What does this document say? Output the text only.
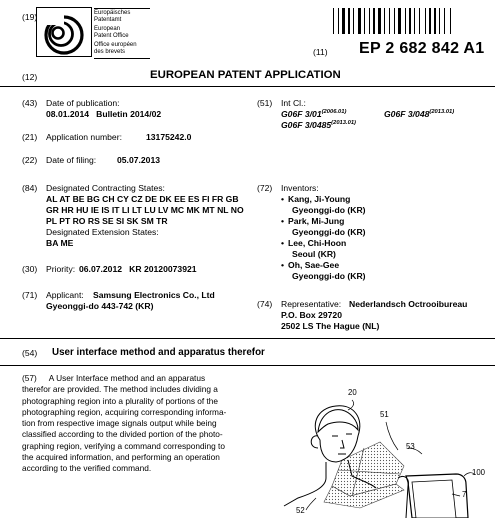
(19)	Europäisches
Patentamt
European
Patent Office
Office européen
des brevets	(11) EP 2 682 842 A1
(12)	EUROPEAN PATENT APPLICATION
(43) Date of publication:
08.01.2014   Bulletin 2014/02
(21) Application number:	13175242.0
(22) Date of filing: 05.07.2013
(84) Designated Contracting States:
AL AT BE BG CH CY CZ DE DK EE ES FI FR GB
GR HR HU IE IS IT LI LT LU LV MC MK MT NL NO
PL PT RO RS SE SI SK SM TR
Designated Extension States:
BA ME
(30) Priority: 06.07.2012   KR 20120073921
(71) Applicant: Samsung Electronics Co., Ltd
Gyeonggi-do 443-742 (KR)
(51) Int Cl.:
G06F $3/01^{(2006.01)}$	G06F $3/048^{(2013.01)}$
G06F $3/0485^{(2013.01)}$
(72) Inventors:
• Kang, Ji-Young
Gyeonggi-do (KR)
• Park, Mi-Jung
Gyeonggi-do (KR)
• Lee, Chi-Hoon
Seoul (KR)
• Oh, Sae-Gee
Gyeonggi-do (KR)
(74) Representative: Nederlandsch Octrooibureau
P.O. Box 29720
2502 LS The Hague (NL)
(54) User interface method and apparatus therefor
(57) A User Interface method and an apparatus
therefor are provided. The method includes dividing a
photographing region into a plurality of portions of the
photographing region, acquiring corresponding informa-
tion from respective image signals output while being
classified according to the divided portion of the photo-
graphing region, verifying a command corresponding to
the acquired information, and performing an operation
according to the verified command.
20
51
53
100
7
52
